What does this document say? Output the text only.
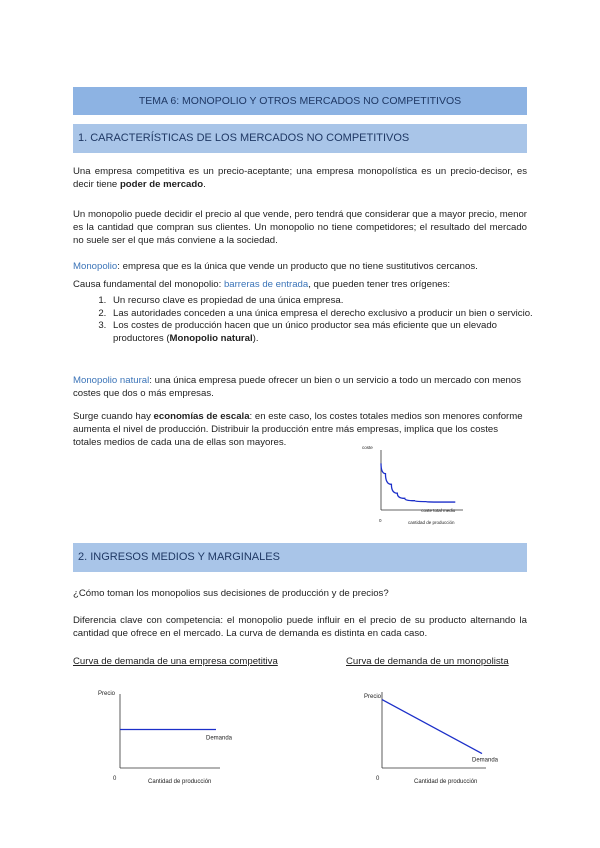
TEMA 6: MONOPOLIO Y OTROS MERCADOS NO COMPETITIVOS
1. CARACTERÍSTICAS DE LOS MERCADOS NO COMPETITIVOS

Una empresa competitiva es un precio-aceptante; una empresa monopolística es un precio-decisor, es decir tiene poder de mercado.

Un monopolio puede decidir el precio al que vende, pero tendrá que considerar que a mayor precio, menor es la cantidad que compran sus clientes. Un monopolio no tiene competidores; el resultado del mercado no suele ser el que más conviene a la sociedad.

Monopolio: empresa que es la única que vende un producto que no tiene sustitutivos cercanos.

Causa fundamental del monopolio: barreras de entrada, que pueden tener tres orígenes:

1. Un recurso clave es propiedad de una única empresa.
2. Las autoridades conceden a una única empresa el derecho exclusivo a producir un bien o servicio.
3. Los costes de producción hacen que un único productor sea más eficiente que un elevado productores (Monopolio natural).

Monopolio natural: una única empresa puede ofrecer un bien o un servicio a todo un mercado con menos costes que dos o más empresas.

Surge cuando hay economías de escala: en este caso, los costes totales medios son menores conforme aumenta el nivel de producción. Distribuir la producción entre más empresas, implica que los costes totales medios de cada una de ellas son mayores.	coste
cantidad de producción
0
coste total medio
2. INGRESOS MEDIOS Y MARGINALES

¿Cómo toman los monopolios sus decisiones de producción y de precios?

Diferencia clave con competencia: el monopolio puede influir en el precio de su producto alternando la cantidad que ofrece en el mercado. La curva de demanda es distinta en cada caso.

Curva de demanda de una empresa competitiva	Curva de demanda de un monopolista
Precio
Cantidad de producción
0
Demanda
Precio
Cantidad de producción
0
Demanda
